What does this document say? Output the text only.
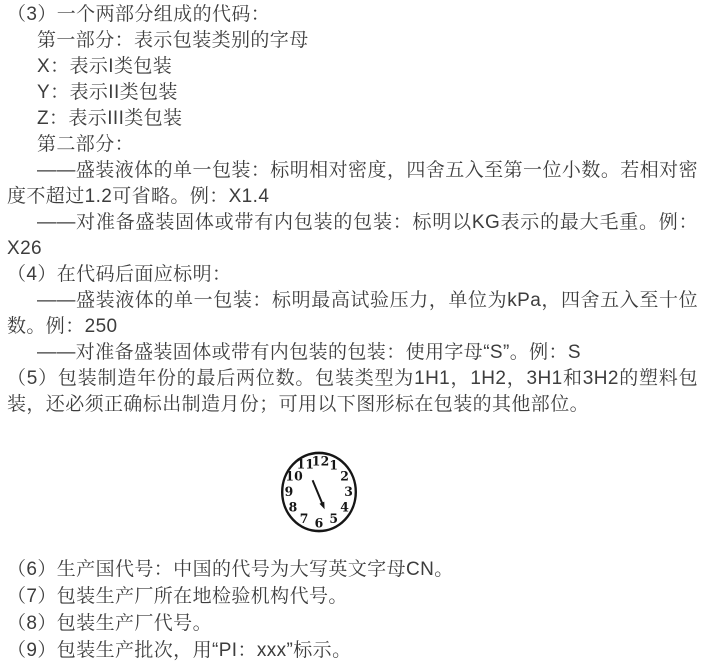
（3）一个两部分组成的代码：

第一部分：表示包装类别的字母

X：表示I类包装

Y：表示II类包装

Z：表示III类包装

第二部分：

——盛装液体的单一包装：标明相对密度，四舍五入至第一位小数。若相对密度不超过1.2可省略。例：X1.4

——对准备盛装固体或带有内包装的包装：标明以KG表示的最大毛重。例：X26

（4）在代码后面应标明：

——盛装液体的单一包装：标明最高试验压力，单位为kPa，四舍五入至十位数。例：250

——对准备盛装固体或带有内包装的包装：使用字母“S”。例：S

（5）包装制造年份的最后两位数。包装类型为1H1，1H2，3H1和3H2的塑料包装，还必须正确标出制造月份；可用以下图形标在包装的其他部位。

12 1
2
3
4
5
6
7
8
9
10
11

（6）生产国代号：中国的代号为大写英文字母CN。

（7）包装生产厂所在地检验机构代号。

（8）包装生产厂代号。

（9）包装生产批次，用“PI：xxx”标示。
